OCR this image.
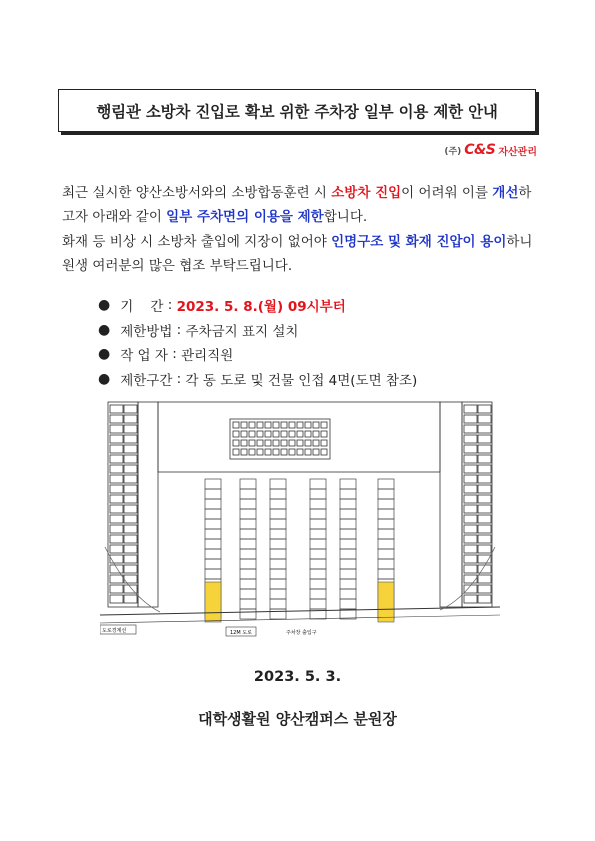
행림관 소방차 진입로 확보 위한 주차장 일부 이용 제한 안내
(주) C&S 자산관리
최근 실시한 양산소방서와의 소방합동훈련 시 소방차 진입이 어려워 이를 개선하고자 아래와 같이 일부 주차면의 이용을 제한합니다.
화재 등 비상 시 소방차 출입에 지장이 없어야 인명구조 및 화재 진압이 용이하니 원생 여러분의 많은 협조 부탁드립니다.
● 기    간 : 2023. 5. 8.(월) 09시부터
● 제한방법 : 주차금지 표지 설치
● 작 업 자 : 관리직원
● 제한구간 : 각 동 도로 및 건물 인접 4면(도면 참조)
도로경계선	12M 도로	주차장 출입구
2023. 5. 3.
대학생활원 양산캠퍼스 분원장
